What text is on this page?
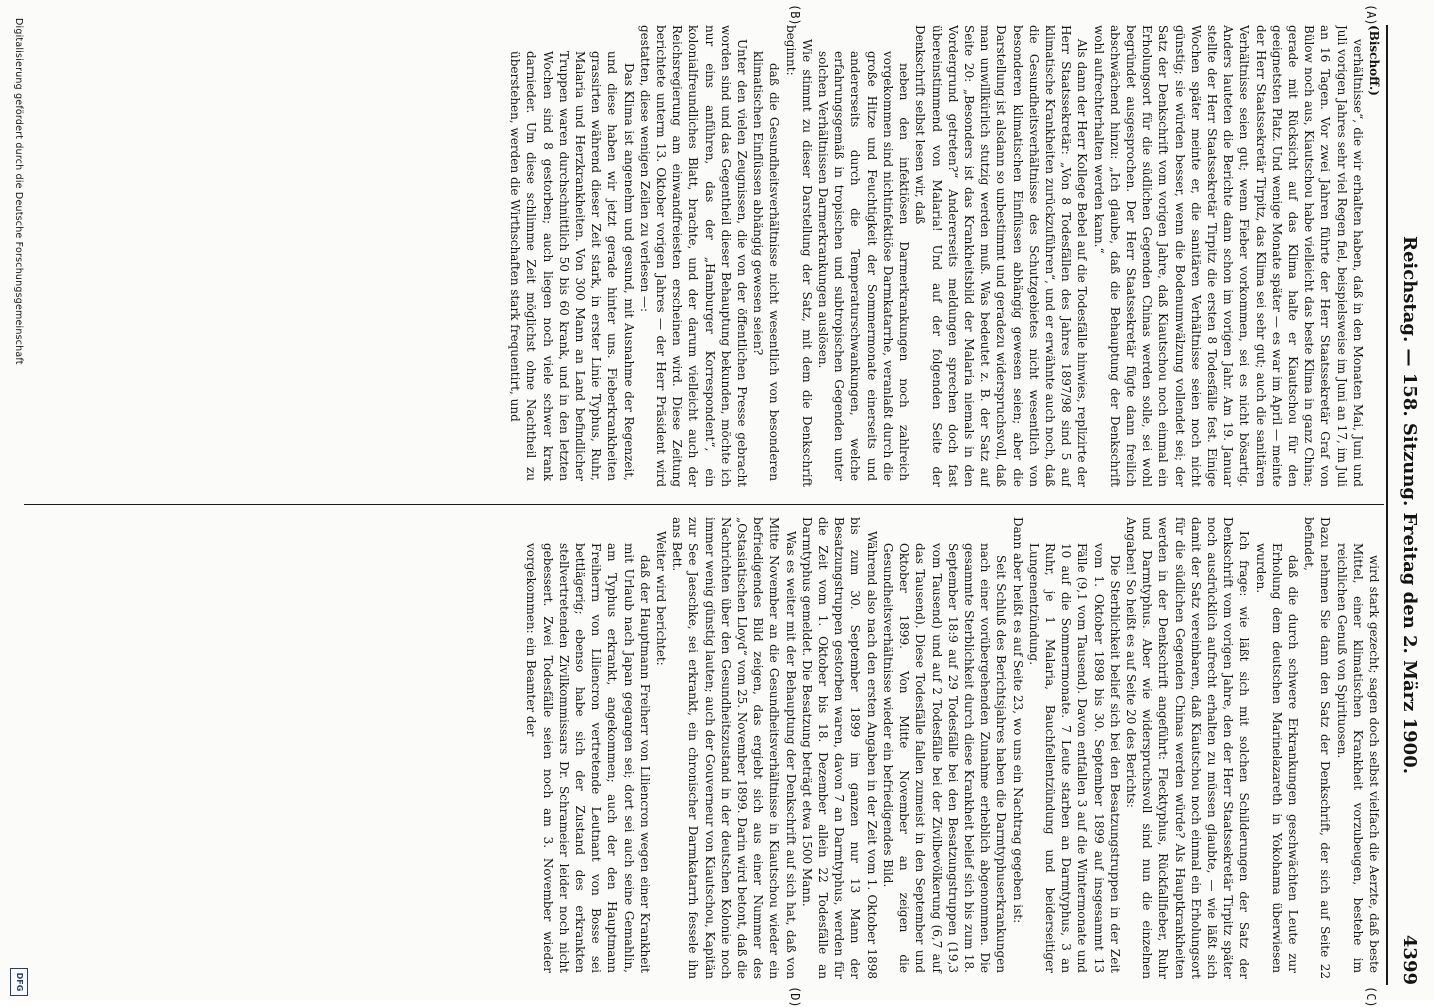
Reichstag. — 158. Sitzung. Freitag den 2. März 1900.
4399
(A)
(B)
(C)
(D)

(Bischoff.)

verhältnisse“, die wir erhalten haben, daß in den Monaten Mai, Juni und Juli vorigen Jahres sehr viel Regen fiel, beispielsweise im Juni an 17, im Juli an 16 Tagen. Vor zwei Jahren führte der Herr Staatssekretär Graf von Bülow noch aus, Kiautschou habe vielleicht das beste Klima in ganz China; gerade mit Rücksicht auf das Klima halte er Kiautschou für den geeignetsten Platz. Und wenige Monate später — es war im April — meinte der Herr Staatssekretär Tirpitz, das Klima sei sehr gut; auch die sanitären Verhältnisse seien gut; wenn Fieber vorkommen, sei es nicht bösartig. Anders lauteten die Berichte dann schon im vorigen Jahr. Am 19. Januar stellte der Herr Staatssekretär Tirpitz die ersten 8 Todesfälle fest. Einige Wochen später meinte er, die sanitären Verhältnisse seien noch nicht günstig; sie würden besser, wenn die Bodenumwälzung vollendet sei; der Satz der Denkschrift vom vorigen Jahre, daß Kiautschou noch einmal ein Erholungsort für die südlichen Gegenden Chinas werden solle, sei wohl begründet ausgesprochen. Der Herr Staatssekretär fügte dann freilich abschwächend hinzu: „Ich glaube, daß die Behauptung der Denkschrift wohl aufrechterhalten werden kann.“

Als dann der Herr Kollege Bebel auf die Todesfälle hinwies, replizirte der Herr Staatssekretär: „Von 8 Todesfällen des Jahres 1897/98 sind 5 auf klimatische Krankheiten zurückzuführen“, und er erwähnte auch noch, daß die Gesundheitsverhältnisse des Schutzgebietes nicht wesentlich von besonderen klimatischen Einflüssen abhängig gewesen seien; aber die Darstellung ist alsdann so unbestimmt und geradezu widerspruchsvoll, daß man unwillkürlich stutzig werden muß. Was bedeutet z. B. der Satz auf Seite 20: „Besonders ist das Krankheitsbild der Malaria niemals in den Vordergrund getreten?“ Andererseits meldungen sprechen doch fast übereinstimmend von Malaria! Und auf der folgenden Seite der Denkschrift selbst lesen wir, daß

neben den infektiösen Darmerkrankungen noch zahlreich vorgekommen sind nichtinfektiöse Darmkatarrhe, veranlaßt durch die große Hitze und Feuchtigkeit der Sommermonate einerseits und andererseits durch die Temperaturschwankungen, welche erfahrungsgemäß in tropischen und subtropischen Gegenden unter solchen Verhältnissen Darmerkrankungen auslösen.

Wie stimmt zu dieser Darstellung der Satz, mit dem die Denkschrift beginnt:

daß die Gesundheitsverhältnisse nicht wesentlich von besonderen klimatischen Einflüssen abhängig gewesen seien?

Unter den vielen Zeugnissen, die von der öffentlichen Presse gebracht worden sind und das Gegentheil dieser Behauptung bekunden, möchte ich nur eins anführen, das der „Hamburger Korrespondent“, ein kolonialfreundliches Blatt, brachte, und der darum vielleicht auch der Reichsregierung am einwandfreiesten erscheinen wird. Diese Zeitung berichtete unterm 13. Oktober vorigen Jahres — der Herr Präsident wird gestatten, diese wenigen Zeilen zu verlesen —:

Das Klima ist angenehm und gesund, mit Ausnahme der Regenzeit, und diese haben wir jetzt gerade hinter uns. Fieberkrankheiten grassirten während dieser Zeit stark, in erster Linie Typhus, Ruhr, Malaria und Herzkrankheiten. Von 300 Mann an Land befindlicher Truppen waren durchschnittlich 50 bis 60 krank, und in den letzten Wochen sind 8 gestorben; auch liegen noch viele schwer krank darnieder. Um diese schlimme Zeit möglichst ohne Nachtheil zu überstehen, werden die Wirthschaften stark frequentirt, und

wird stark gezecht; sagen doch selbst vielfach die Aerzte, daß beste Mittel, einer klimatischen Krankheit vorzubeugen, bestehe im reichlichen Genuß von Spirituosen.

Dazu nehmen Sie dann den Satz der Denkschrift, der sich auf Seite 22 befindet,

daß die durch schwere Erkrankungen geschwächten Leute zur Erholung dem deutschen Marinelazareth in Yokohama überwiesen wurden.

Ich frage: wie läßt sich mit solchen Schilderungen der Satz der Denkschrift vom vorigen Jahre, den der Herr Staatssekretär Tirpitz später noch ausdrücklich aufrecht erhalten zu müssen glaubte, — wie läßt sich damit der Satz vereinbaren, daß Kiautschou noch einmal ein Erholungsort für die südlichen Gegenden Chinas werden würde? Als Hauptkrankheiten werden in der Denkschrift angeführt: Flecktyphus, Rückfallfieber, Ruhr und Darmtyphus. Aber wie widerspruchsvoll sind nun die einzelnen Angaben! So heißt es auf Seite 20 des Berichts:

Die Sterblichkeit belief sich bei den Besatzungstruppen in der Zeit vom 1. Oktober 1898 bis 30. September 1899 auf insgesammt 13 Fälle (9,1 vom Tausend). Davon entfallen 3 auf die Wintermonate und 10 auf die Sommermonate. 7 Leute starben an Darmtyphus, 3 an Ruhr, je 1 Malaria, Bauchfellentzündung und beiderseitiger Lungenentzündung.

Dann aber heißt es auf Seite 23, wo uns ein Nachtrag gegeben ist:

Seit Schluß des Berichtsjahres haben die Darmtyphuserkrankungen nach einer vorübergehenden Zunahme erheblich abgenommen. Die gesammte Sterblichkeit durch diese Krankheit belief sich bis zum 18. September 18:9 auf 29 Todesfälle bei den Besatzungstruppen (19,3 vom Tausend) und auf 2 Todesfälle bei der Zivilbevölkerung (6,7 auf das Tausend). Diese Todesfälle fallen zumeist in den September und Oktober 1899. Von Mitte November an zeigen die Gesundheitsverhältnisse wieder ein befriedigendes Bild.

Während also nach den ersten Angaben in der Zeit vom 1. Oktober 1898 bis zum 30. September 1899 im ganzen nur 13 Mann der Besatzungstruppen gestorben waren, davon 7 an Darmtyphus, werden für die Zeit vom 1. Oktober bis 18. Dezember allein 22 Todesfälle an Darmtyphus gemeldet. Die Besatzung beträgt etwa 1500 Mann.

Was es weiter mit der Behauptung der Denkschrift auf sich hat, daß von Mitte November an die Gesundheitsverhältnisse in Kiautschou wieder ein befriedigendes Bild zeigen, das ergiebt sich aus einer Nummer des „Ostasiatischen Lloyd“ vom 25. November 1899. Darin wird betont, daß die Nachrichten über den Gesundheitszustand in der deutschen Kolonie noch immer wenig günstig lauten; auch der Gouverneur von Kiautschou, Kapitän zur See Jaeschke, sei erkrankt, ein chronischer Darmkatarrh fessele ihn ans Bett.

Weiter wird berichtet:

daß der Hauptmann Freiherr von Liliencron wegen einer Krankheit mit Urlaub nach Japan gegangen sei; dort sei auch seine Gemahlin, am Typhus erkrankt, angekommen; auch der den Hauptmann Freiherrn von Liliencron vertretende Leutnant von Bosse sei bettlägerig; ebenso habe sich der Zustand des erkrankten stellvertretenden Zivilkommissars Dr. Schrameier leider noch nicht gebessert. Zwei Todesfälle seien noch am 3. November wieder vorgekommen: ein Beamter der

Digitalisierung gefördert durch die Deutsche Forschungsgemeinschaft
DFG
